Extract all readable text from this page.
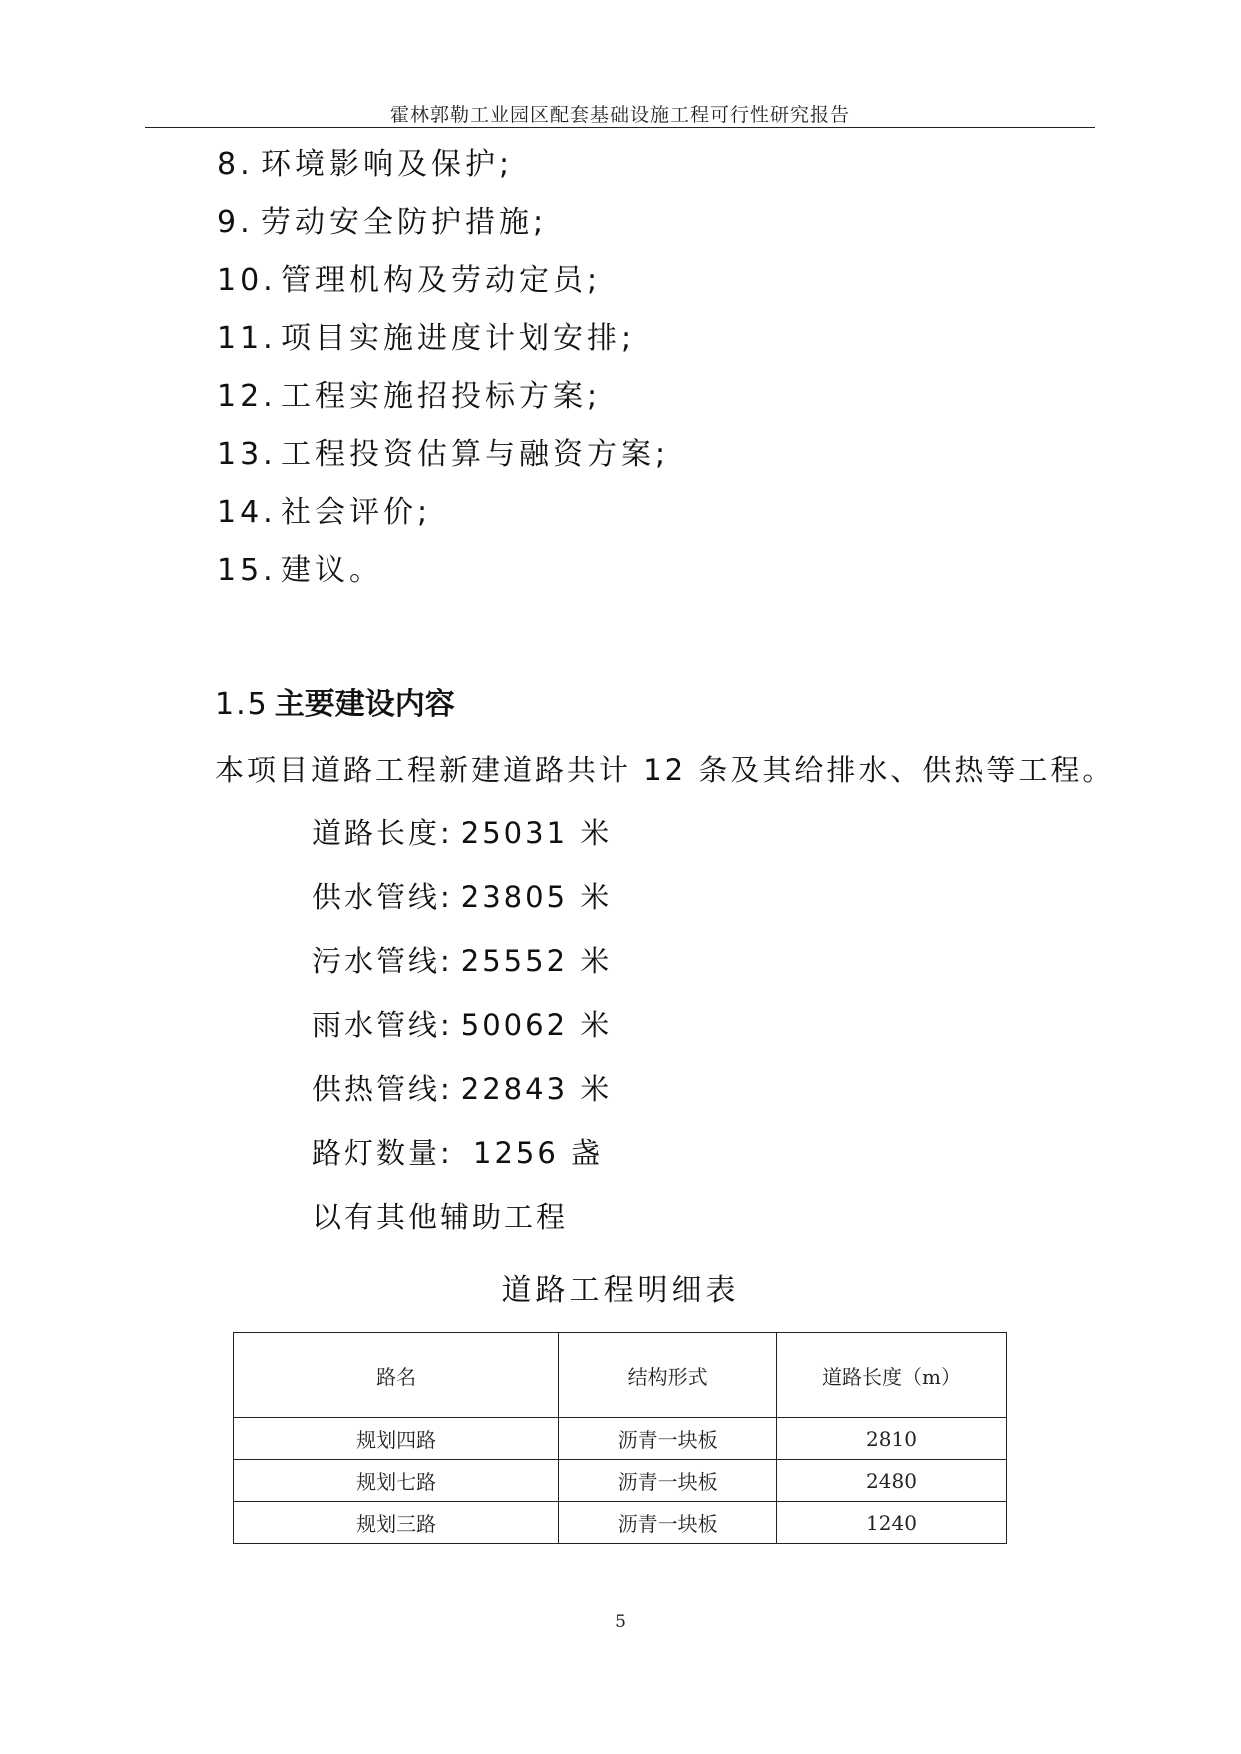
霍林郭勒工业园区配套基础设施工程可行性研究报告
8. 环境影响及保护;
9. 劳动安全防护措施;
10. 管理机构及劳动定员;
11. 项目实施进度计划安排;
12. 工程实施招投标方案;
13. 工程投资估算与融资方案;
14. 社会评价;
15. 建议。
1.5 主要建设内容
本项目道路工程新建道路共计 12 条及其给排水、供热等工程。
道路长度: 25031 米
供水管线: 23805 米
污水管线: 25552 米
雨水管线: 50062 米
供热管线: 22843 米
路灯数量: 1256 盏
以有其他辅助工程
道路工程明细表
路名	结构形式	道路长度（m）
规划四路	沥青一块板	2810
规划七路	沥青一块板	2480
规划三路	沥青一块板	1240
5
